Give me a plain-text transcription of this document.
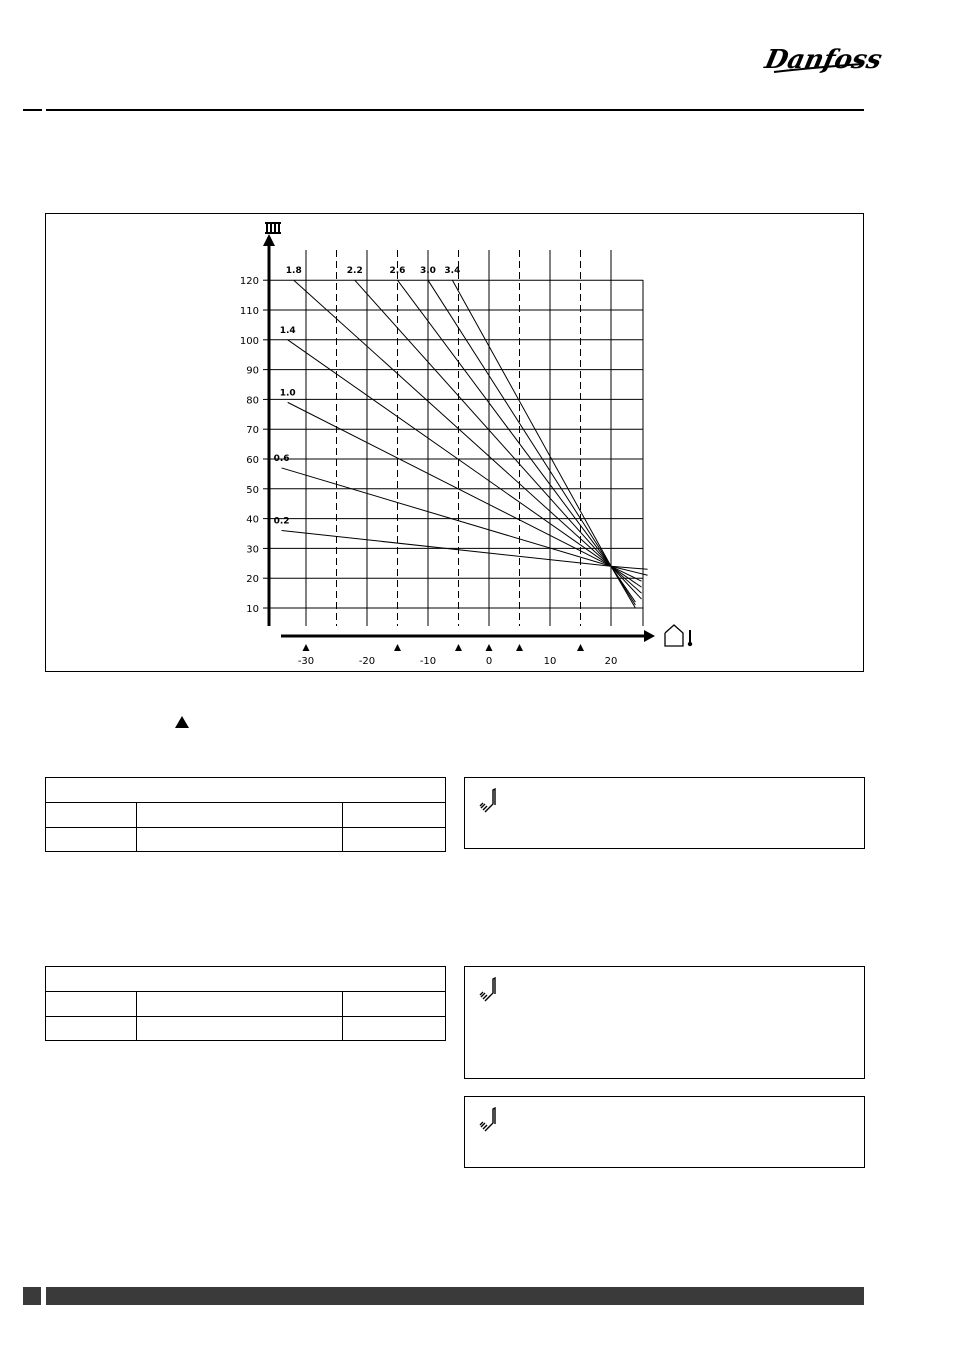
Danfoss
10
20
30
40
50
60
70
80
90
100
110
120
-30	-20	-10	0	10	20
0.2
0.6
1.0
1.4
1.8	2.2	2.6 3.0 3.4
